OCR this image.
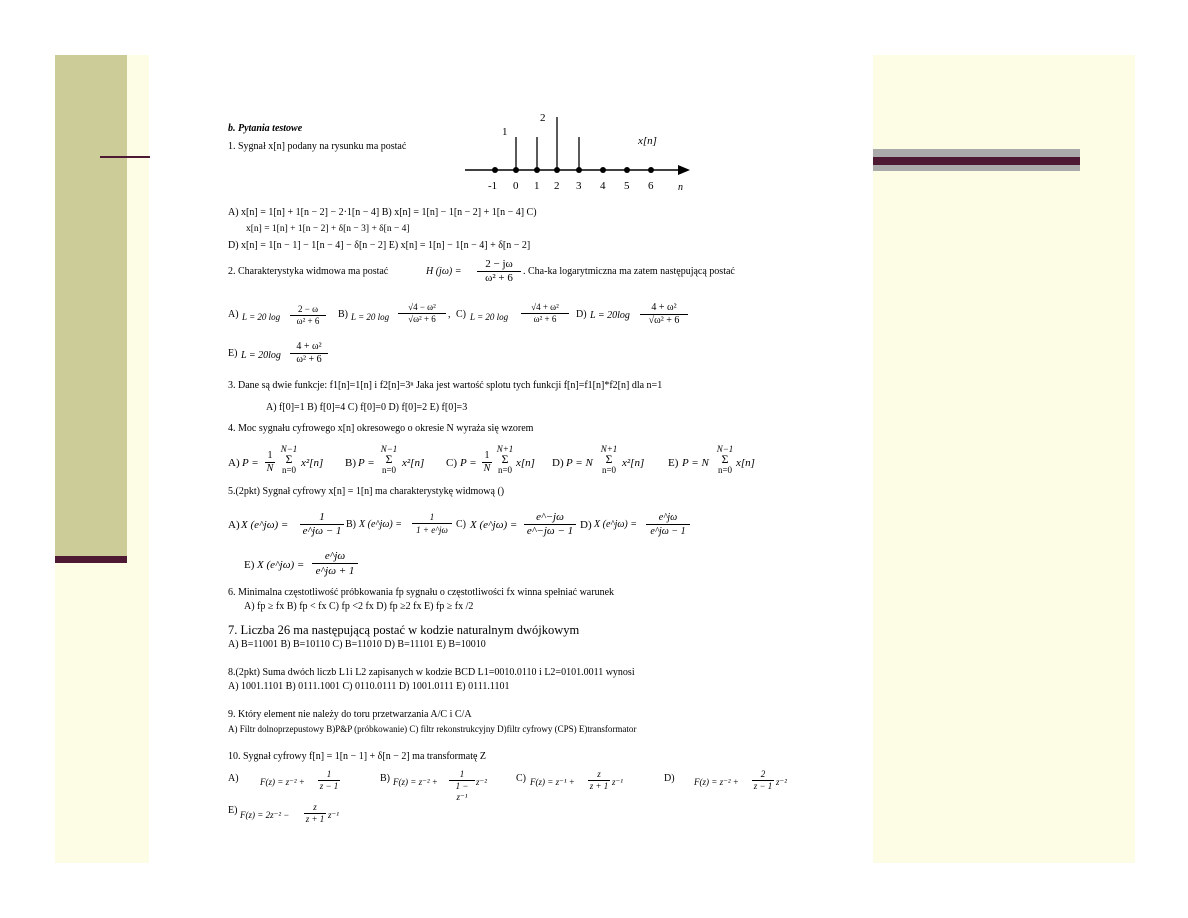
b. Pytania testowe
1. Sygnał x[n] podany na rysunku ma postać
-1 0 1 2 3 4 5 6
1
2
x[n]
n
A) x[n] = 1[n] + 1[n − 2] − 2·1[n − 4] B) x[n] = 1[n] − 1[n − 2] + 1[n − 4] C)
x[n] = 1[n] + 1[n − 2] + δ[n − 3] + δ[n − 4]
D) x[n] = 1[n − 1] − 1[n − 4] − δ[n − 2] E) x[n] = 1[n] − 1[n − 4] + δ[n − 2]
2. Charakterystyka widmowa ma postać	H $(j\omega) = \frac{2 - j\omega}{\text{ω² + 6}}$ . Cha-ka logarytmiczna ma zatem następującą postać
A) L = 20 $\log \frac{2 - \omega}{\text{ω² + 6}} B$) L = 20 $\log \frac{\text{√4 − ω²}}{\text{√ω² + 6}}$ , C) L = 20 $\log \frac{\text{√4 + ω²}}{\text{ω² + 6}} D$) $L = 20\log \frac{\text{4 + ω²}}{\text{√ω² + 6}}$
E) $L = 20\log \frac{\text{4 + ω²}}{\text{ω² + 6}}$
3. Dane są dwie funkcje: f1[n]=1[n] i f2[n]=3ⁿ Jaka jest wartość splotu tych funkcji f[n]=f1[n]*f2[n] dla n=1
A) f[0]=1 B) f[0]=4 C) f[0]=0 D) f[0]=2 E) f[0]=3
4. Moc sygnału cyfrowego x[n] okresowego o okresie N wyraża się wzorem
A) $P = \frac{1}{N}$
N−1
Σ
n=0
x²[n] B) P =
N−1
Σ
n=0
x²[n] C) $P = \frac{1}{N}$
N+1
Σ
n=0
x[n] D) P = N
N+1
Σ
n=0
x²[n] E) P = N
N−1
Σ
n=0
x[n]
5.(2pkt) Sygnał cyfrowy x[n] = 1[n] ma charakterystykę widmową ()
A) X (e^jω) = $\frac{1}{e\^{}j\omega - 1} B$) X (e^jω) = $\frac{1}{1 + e\^{}j\omega} C$) X (e^jω) = $\frac{e\^{}-j\omega}{e\^{}-j\omega - 1} D$) X (e^jω) = $\frac{e\^{}j\omega}{e\^{}j\omega - 1}$
E) X (e^jω) = $\frac{e\^{}j\omega}{e\^{}j\omega + 1}$
6. Minimalna częstotliwość próbkowania fp sygnału o częstotliwości fx winna spełniać warunek
A) fp ≥ fx B) fp < fx C) fp <2 fx D) fp ≥2 fx E) fp ≥ fx /2
7. Liczba 26 ma następującą postać w kodzie naturalnym dwójkowym
A) B=11001 B) B=10110 C) B=11010 D) B=11101 E) B=10010
8.(2pkt) Suma dwóch liczb L1i L2 zapisanych w kodzie BCD L1=0010.0110 i L2=0101.0011 wynosi
A) 1001.1101 B) 0111.1001 C) 0110.0111 D) 1001.0111 E) 0111.1101
9. Który element nie należy do toru przetwarzania A/C i C/A
A) Filtr dolnoprzepustowy B)P&P (próbkowanie) C) filtr rekonstrukcyjny D)filtr cyfrowy (CPS) E)transformator
10. Sygnał cyfrowy f[n] = 1[n − 1] + δ[n − 2] ma transformatę Z
A) $F(z) = z^{-2} + \frac{1}{z - 1}$	B) $F(z) = z^{-2} + \frac{1}{\text{1 − z⁻¹}} z^{-2}$	C) $F(z) = z^{-1} + \frac{z}{z + 1} z^{-1}$	D) $F(z) = z^{-2} + \frac{2}{z - 1} z^{-2}$
E) $F(z) = 2z^{-2} - \frac{z}{z + 1} z^{-1}$
